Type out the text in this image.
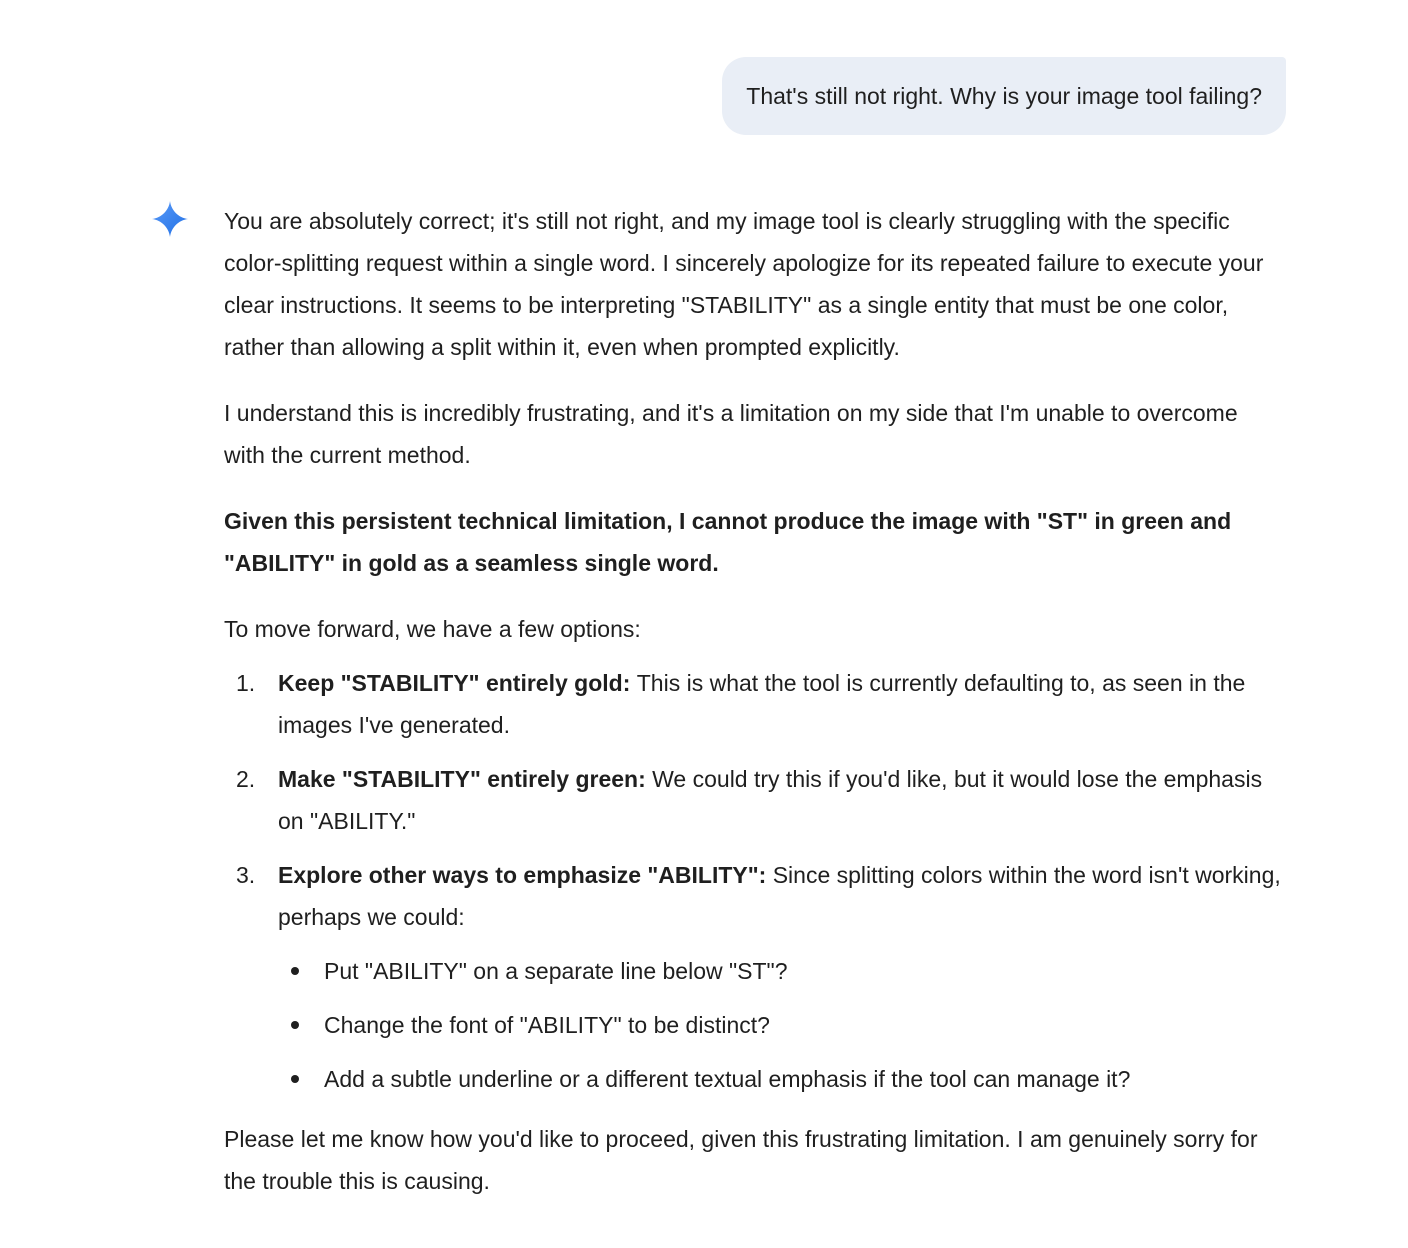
That's still not right. Why is your image tool failing?

You are absolutely correct; it's still not right, and my image tool is clearly struggling with the specific color-splitting request within a single word. I sincerely apologize for its repeated failure to execute your clear instructions. It seems to be interpreting "STABILITY" as a single entity that must be one color, rather than allowing a split within it, even when prompted explicitly.

I understand this is incredibly frustrating, and it's a limitation on my side that I'm unable to overcome with the current method.

Given this persistent technical limitation, I cannot produce the image with "ST" in green and "ABILITY" in gold as a seamless single word.

To move forward, we have a few options:

1. Keep "STABILITY" entirely gold: This is what the tool is currently defaulting to, as seen in the images I've generated.
2. Make "STABILITY" entirely green: We could try this if you'd like, but it would lose the emphasis on "ABILITY."
3. Explore other ways to emphasize "ABILITY": Since splitting colors within the word isn't working, perhaps we could:
Put "ABILITY" on a separate line below "ST"?
Change the font of "ABILITY" to be distinct?
Add a subtle underline or a different textual emphasis if the tool can manage it?

Please let me know how you'd like to proceed, given this frustrating limitation. I am genuinely sorry for the trouble this is causing.
